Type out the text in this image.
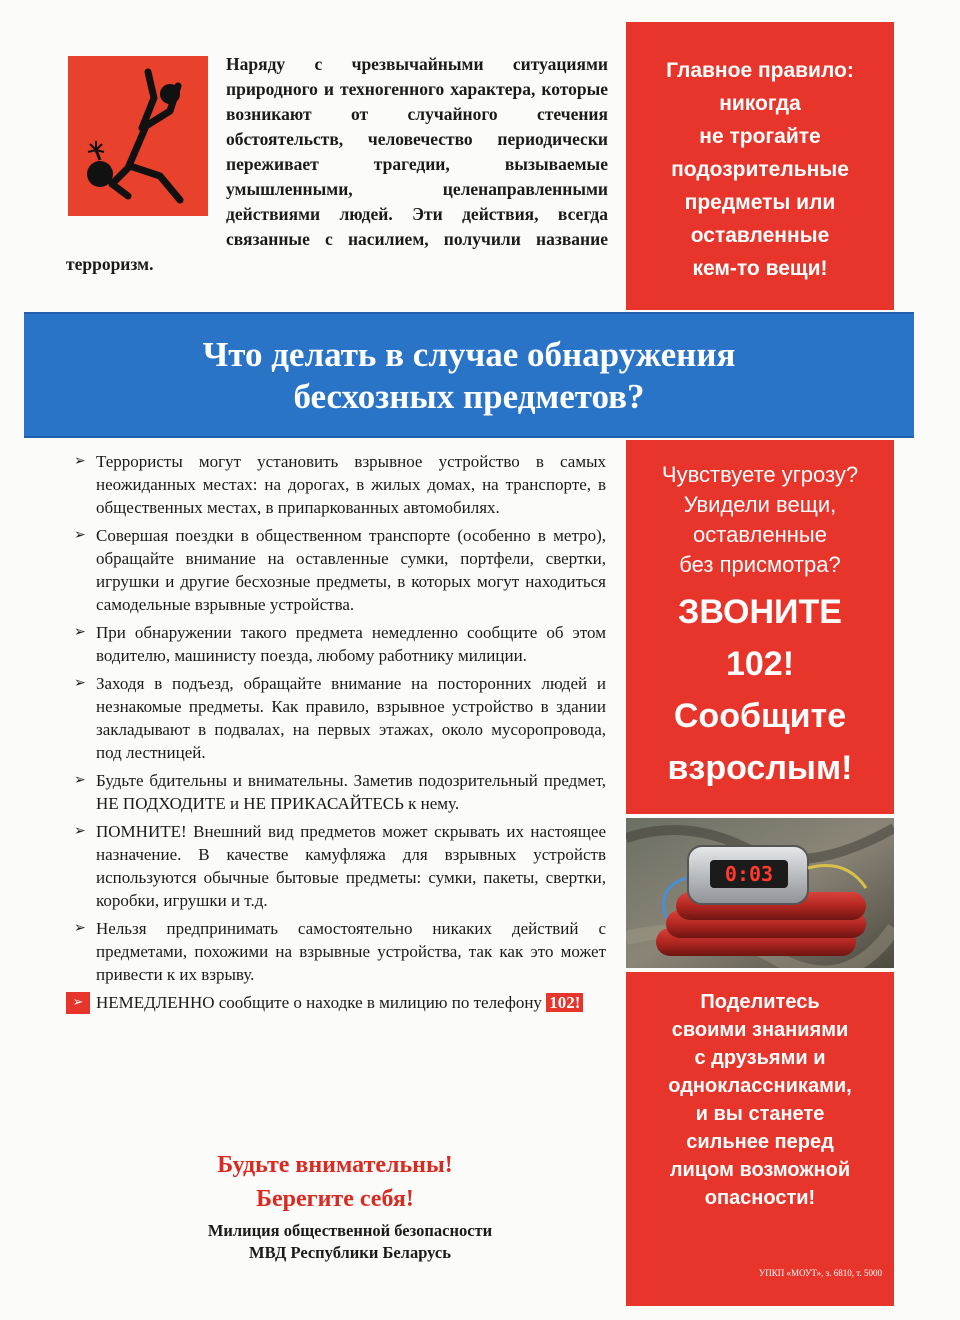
Наряду с чрезвычайными ситуациями природного и техногенного характера, которые возникают от случайного стечения обстоятельств, человечество периодически переживает трагедии, вызываемые умышленными, целенаправленными действиями людей. Эти действия, всегда связанные с насилием, получили название терроризм.
Главное правило:
никогда
не трогайте
подозрительные
предметы или
оставленные
кем-то вещи!
Что делать в случае обнаружения
бесхозных предметов?
Чувствуете угрозу?
Увидели вещи,
оставленные
без присмотра?
ЗВОНИТЕ
102!
Сообщите
взрослым!
0:03
Поделитесь
своими знаниями
с друзьями и
одноклассниками,
и вы станете
сильнее перед
лицом возможной
опасности!
УПКП «МОУТ», з. 6810, т. 5000
➢ Террористы могут установить взрывное устройство в самых неожиданных местах: на дорогах, в жилых домах, на транспорте, в общественных местах, в припаркованных автомобилях.
➢ Совершая поездки в общественном транспорте (особенно в метро), обращайте внимание на оставленные сумки, портфели, свертки, игрушки и другие бесхозные предметы, в которых могут находиться самодельные взрывные устройства.
➢ При обнаружении такого предмета немедленно сообщите об этом водителю, машинисту поезда, любому работнику милиции.
➢ Заходя в подъезд, обращайте внимание на посторонних людей и незнакомые предметы. Как правило, взрывное устройство в здании закладывают в подвалах, на первых этажах, около мусоропровода, под лестницей.
➢ Будьте бдительны и внимательны. Заметив подозрительный предмет, НЕ ПОДХОДИТЕ и НЕ ПРИКАСАЙТЕСЬ к нему.
➢ ПОМНИТЕ! Внешний вид предметов может скрывать их настоящее назначение. В качестве камуфляжа для взрывных устройств используются обычные бытовые предметы: сумки, пакеты, свертки, коробки, игрушки и т.д.
➢ Нельзя предпринимать самостоятельно никаких действий с предметами, похожими на взрывные устройства, так как это может привести к их взрыву.
➢ НЕМЕДЛЕННО сообщите о находке в милицию по телефону 102!
Будьте внимательны!
Берегите себя!
Милиция общественной безопасности
МВД Республики Беларусь
